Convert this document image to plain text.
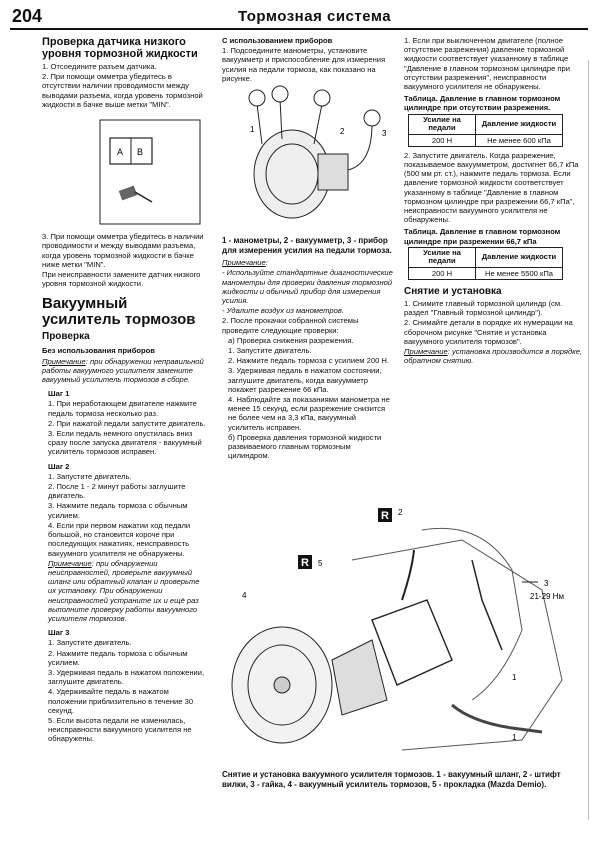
204	Тормозная система
Проверка датчика низкого уровня тормозной жидкости

1. Отсоедините разъем датчика.

2. При помощи омметра убедитесь в отсутствии наличии проводимости между выводами разъема, когда уровень тормозной жидкости в бачке выше метки "MIN".

A B

3. При помощи омметра убедитесь в наличии проводимости и между выводами разъема, когда уровень тормозной жидкости в бачке ниже метки "MIN".

При неисправности замените датчик низкого уровня тормозной жидкости.

Вакуумный усилитель тормозов
Проверка
Без использования приборов

Примечание: при обнаружении неправильной работы вакуумного усилителя замените вакуумный усилитель тормозов в сборе.

Шаг 1

1. При неработающем двигателе нажмите педаль тормоза несколько раз.

2. При нажатой педали запустите двигатель.

3. Если педаль немного опустилась вниз сразу после запуска двигателя - вакуумный усилитель тормозов исправен.

Шаг 2

1. Запустите двигатель.

2. После 1 - 2 минут работы заглушите двигатель.

3. Нажмите педаль тормоза с обычным усилием.

4. Если при первом нажатии ход педали большой, но становится короче при последующих нажатиях, неисправность вакуумного усилителя не обнаружены.

Примечание: при обнаружении неисправностей, проверьте вакуумный шланг или обратный клапан и проверьте их установку. При обнаружении неисправностей устраните их и ещё раз выполните проверку работы вакуумного усилителя тормозов.

Шаг 3

1. Запустите двигатель.

2. Нажмите педаль тормоза с обычным усилием.

3. Удерживая педаль в нажатом положении, заглушите двигатель.

4. Удерживайте педаль в нажатом положении приблизительно в течение 30 секунд.

5. Если высота педали не изменилась, неисправности вакуумного усилителя не обнаружены.

С использованием приборов

1. Подсоедините манометры, установите вакуумметр и приспособление для измерения усилия на педали тормоза, как показано на рисунке.

1	2	3
1 - манометры, 2 - вакуумметр, 3 - прибор для измерения усилия на педали тормоза.

Примечание:

- Используйте стандартные диагностические манометры для проверки давления тормозной жидкости и обычный прибор для измерения усилия.

- Удалите воздух из манометров.

2. После прокачки собранной системы проведите следующие проверки:

а) Проверка снижения разрежения.

1. Запустите двигатель.

2. Нажмите педаль тормоза с усилием 200 Н.

3. Удерживая педаль в нажатом состоянии, заглушите двигатель, когда вакуумметр покажет разрежение 66 кПа.

4. Наблюдайте за показаниями манометра не менее 15 секунд, если разрежение снизится не более чем на 3,3 кПа, вакуумный усилитель исправен.

б) Проверка давления тормозной жидкости развиваемого главным тормозным цилиндром.

1. Если при выключенном двигателе (полное отсутствие разрежения) давление тормозной жидкости соответствует указанному в таблице "Давление в главном тормозном цилиндре при отсутствии разрежения", неисправности вакуумного усилителя не обнаружены.

Таблица. Давление в главном тормозном цилиндре при отсутствии разрежения.
Усилие на педали	Давление жидкости
200 Н	Не менее 600 кПа

2. Запустите двигатель. Когда разрежение, показываемое вакуумметром, достигнет 66,7 кПа (500 мм рт. ст.), нажмите педаль тормоза. Если давление тормозной жидкости соответствует указанному в таблице "Давление в главном тормозном цилиндре при разрежении 66,7 кПа", неисправности вакуумного усилителя не обнаружены.

Таблица. Давление в главном тормозном цилиндре при разрежении 66,7 кПа
Усилие на педали	Давление жидкости
200 Н	Не менее 5500 кПа
Снятие и установка

1. Снимите главный тормозной цилиндр (см. раздел "Главный тормозной цилиндр").

2. Снимайте детали в порядке их нумерации на сборочном рисунке "Снятие и установка вакуумного усилителя тормозов".

Примечание: установка производится в порядке, обратном снятию.

R
R
2
5
4
3
21-29 Нм
1
1
Снятие и установка вакуумного усилителя тормозов. 1 - вакуумный шланг, 2 - штифт вилки, 3 - гайка, 4 - вакуумный усилитель тормозов, 5 - прокладка (Mazda Demio).
